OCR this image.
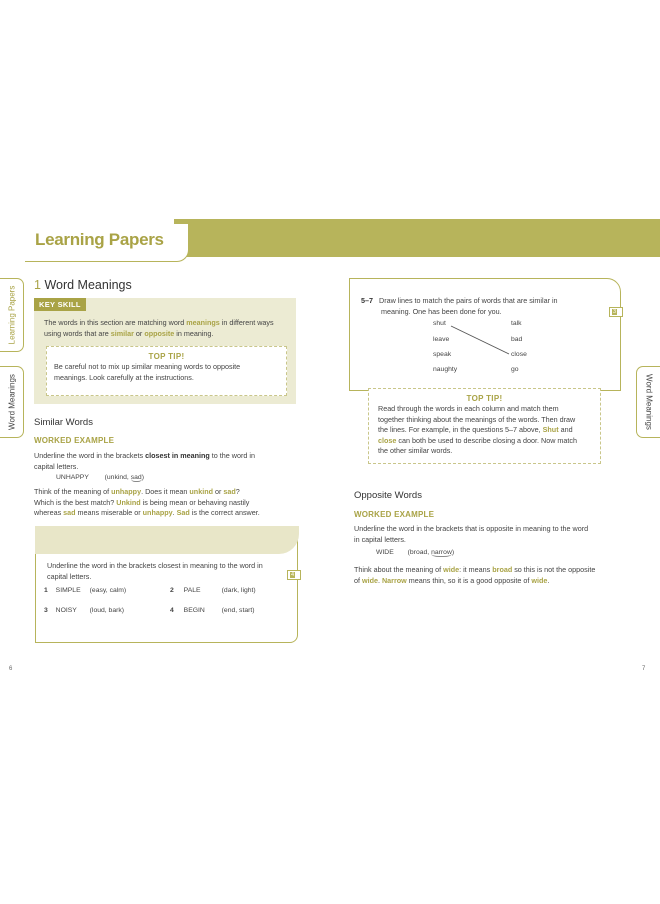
Learning Papers
Learning Papers
Word Meanings	Word Meanings
1 Word Meanings
KEY SKILL
The words in this section are matching word meanings in different ways
using words that are similar or opposite in meaning.
TOP TIP!
Be careful not to mix up similar meaning words to opposite
meanings. Look carefully at the instructions.
Similar Words
WORKED EXAMPLE
Underline the word in the brackets closest in meaning to the word in
capital letters.
UNHAPPY (unkind, sad)
Think of the meaning of unhappy. Does it mean unkind or sad?
Which is the best match? Unkind is being mean or behaving nastily
whereas sad means miserable or unhappy. Sad is the correct answer.
Underline the word in the brackets closest in meaning to the word in
capital letters.	4
1 SIMPLE (easy, calm)	2 PALE	(dark, light)
3 NOISY (loud, bark)	4 BEGIN (end, start)
5–7 Draw lines to match the pairs of words that are similar in
meaning. One has been done for you.	3
shut
leave
speak
naughty
talk
bad
close
go
TOP TIP!
Read through the words in each column and match them
together thinking about the meanings of the words. Then draw
the lines. For example, in the questions 5–7 above, Shut and
close can both be used to describe closing a door. Now match
the other similar words.
Opposite Words
WORKED EXAMPLE
Underline the word in the brackets that is opposite in meaning to the word
in capital letters.
WIDE (broad, narrow)
Think about the meaning of wide: it means broad so this is not the opposite
of wide. Narrow means thin, so it is a good opposite of wide.
6	7
